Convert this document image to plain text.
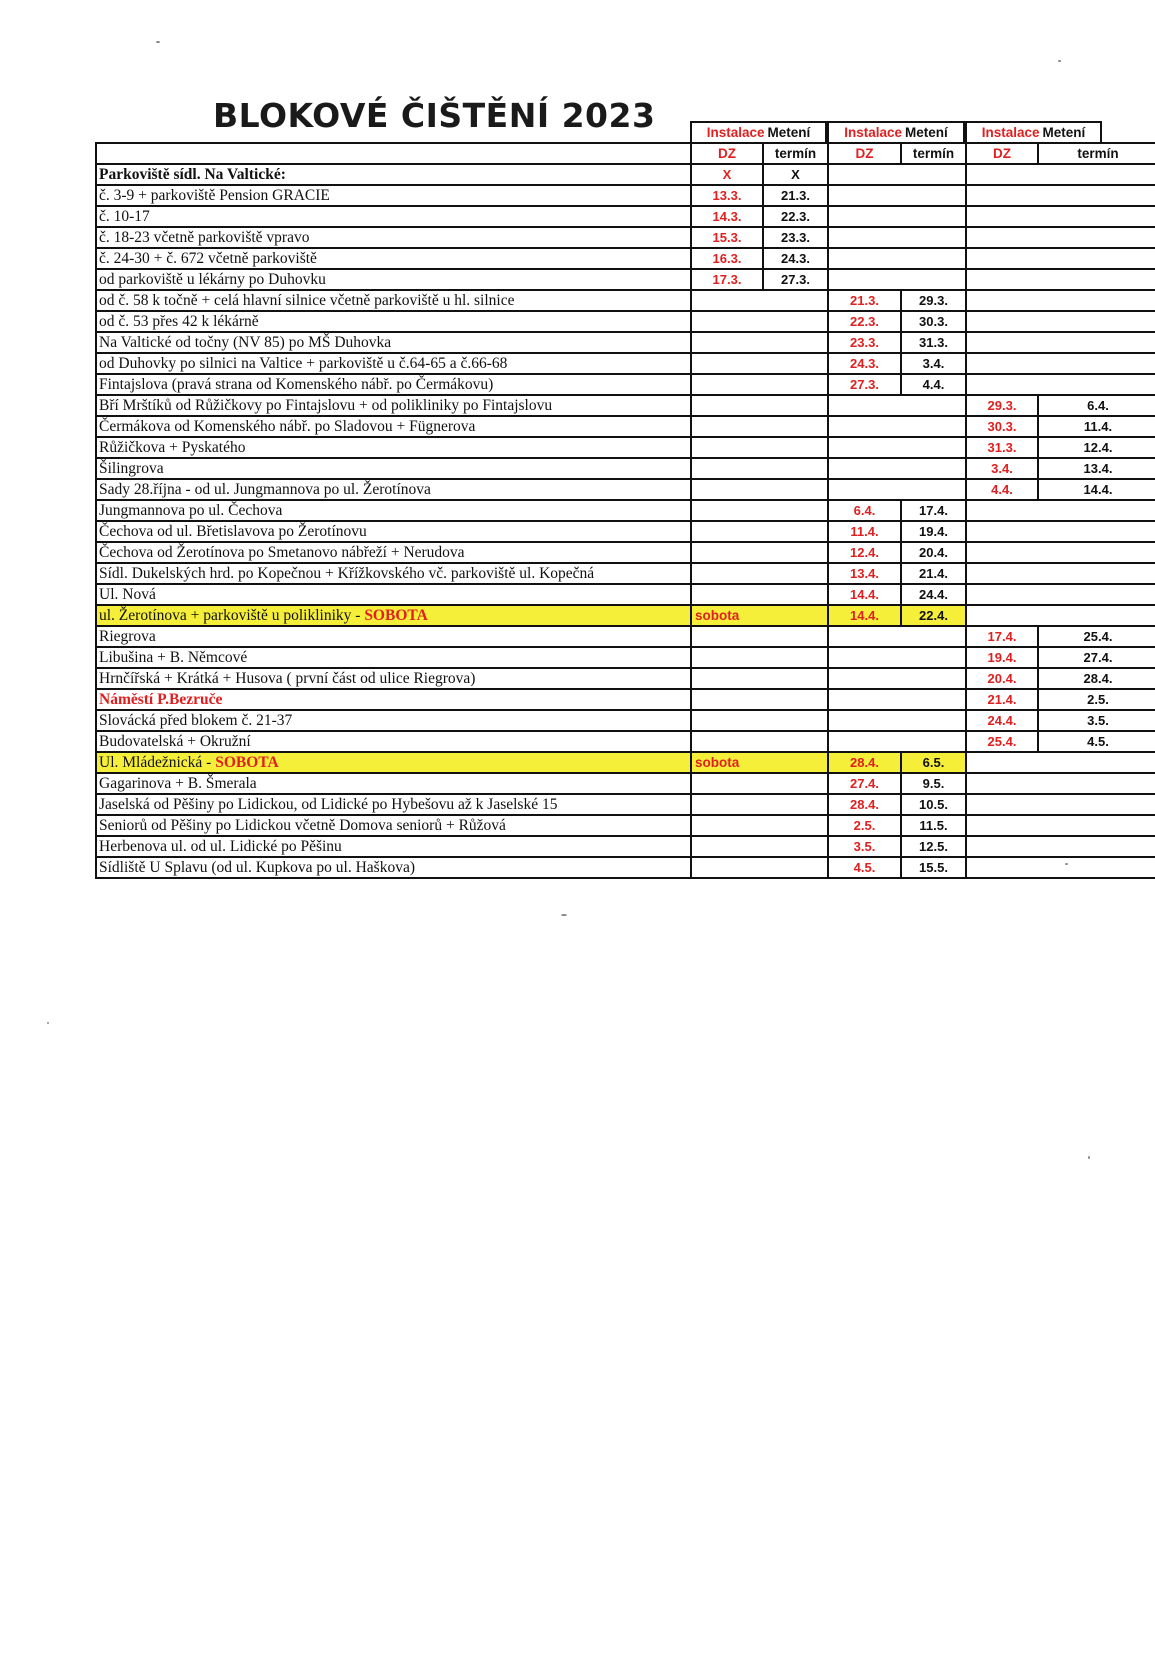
BLOKOVÉ ČIŠTĚNÍ 2023	Instalace Metení	Instalace Metení	Instalace Metení
	DZ	termín	DZ	termín	DZ	termín
Parkoviště sídl. Na Valtické:	X	X				
č. 3-9 + parkoviště Pension GRACIE	13.3.	21.3.				
č. 10-17	14.3.	22.3.				
č. 18-23 včetně parkoviště vpravo	15.3.	23.3.				
č. 24-30 + č. 672 včetně parkoviště	16.3.	24.3.				
od parkoviště u lékárny po Duhovku	17.3.	27.3.				
od č. 58 k točně + celá hlavní silnice včetně parkoviště u hl. silnice			21.3.	29.3.		
od č. 53 přes 42 k lékárně			22.3.	30.3.		
Na Valtické od točny (NV 85) po MŠ Duhovka			23.3.	31.3.		
od Duhovky po silnici na Valtice + parkoviště u č.64-65 a č.66-68			24.3.	3.4.		
Fintajslova (pravá strana od Komenského nábř. po Čermákovu)			27.3.	4.4.		
Bří Mrštíků od Růžičkovy po Fintajslovu + od polikliniky po Fintajslovu					29.3.	6.4.
Čermákova od Komenského nábř. po Sladovou + Fügnerova					30.3.	11.4.
Růžičkova + Pyskatého					31.3.	12.4.
Šilingrova					3.4.	13.4.
Sady 28.října - od ul. Jungmannova po ul. Žerotínova					4.4.	14.4.
Jungmannova po ul. Čechova			6.4.	17.4.		
Čechova od ul. Břetislavova po Žerotínovu			11.4.	19.4.		
Čechova od Žerotínova po Smetanovo nábřeží + Nerudova			12.4.	20.4.		
Sídl. Dukelských hrd. po Kopečnou + Křížkovského vč. parkoviště ul. Kopečná			13.4.	21.4.		
Ul. Nová			14.4.	24.4.		
ul. Žerotínova + parkoviště u polikliniky - SOBOTA	sobota		14.4.	22.4.		
Riegrova					17.4.	25.4.
Libušina + B. Němcové					19.4.	27.4.
Hrnčířská + Krátká + Husova ( první část od ulice Riegrova)					20.4.	28.4.
Náměstí P.Bezruče					21.4.	2.5.
Slovácká před blokem č. 21-37					24.4.	3.5.
Budovatelská + Okružní					25.4.	4.5.
Ul. Mládežnická - SOBOTA	sobota		28.4.	6.5.		
Gagarinova + B. Šmerala			27.4.	9.5.		
Jaselská od Pěšiny po Lidickou, od Lidické po Hybešovu až k Jaselské 15			28.4.	10.5.		
Seniorů od Pěšiny po Lidickou včetně Domova seniorů + Růžová			2.5.	11.5.		
Herbenova ul. od ul. Lidické po Pěšinu			3.5.	12.5.		
Sídliště U Splavu (od ul. Kupkova po ul. Haškova)			4.5.	15.5.		
